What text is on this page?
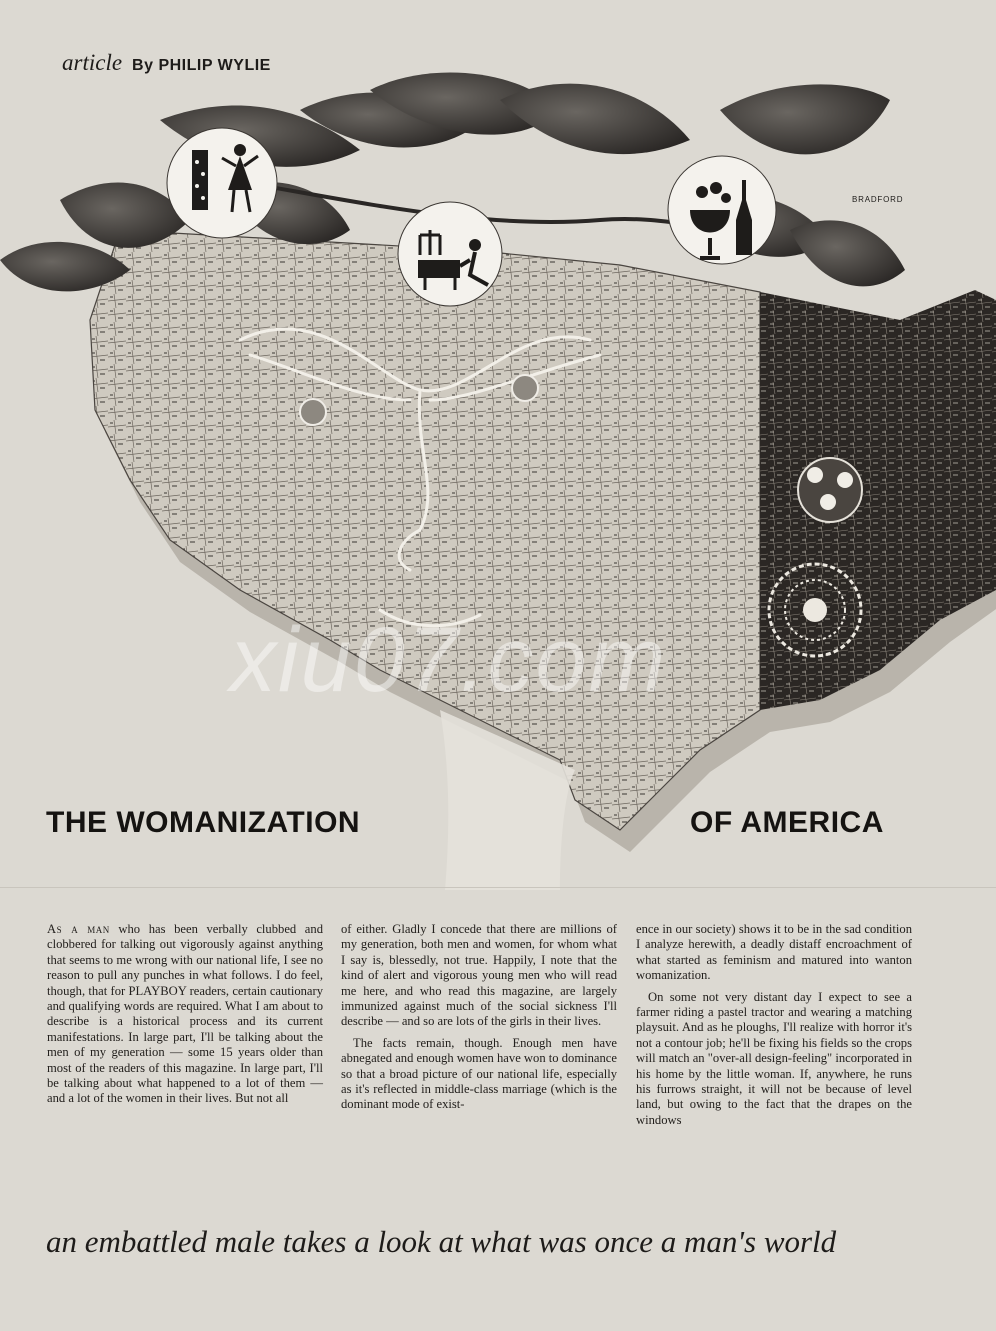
article By PHILIP WYLIE
BRADFORD
xiu07.com
THE WOMANIZATION	OF AMERICA

As a man who has been verbally clubbed and clobbered for talking out vigorously against anything that seems to me wrong with our national life, I see no reason to pull any punches in what follows. I do feel, though, that for PLAYBOY readers, certain cautionary and qualifying words are required. What I am about to describe is a historical process and its current manifestations. In large part, I'll be talking about the men of my generation — some 15 years older than most of the readers of this magazine. In large part, I'll be talking about what happened to a lot of them — and a lot of the women in their lives. But not all

of either. Gladly I concede that there are millions of my generation, both men and women, for whom what I say is, blessedly, not true. Happily, I note that the kind of alert and vigorous young men who will read me here, and who read this magazine, are largely immunized against much of the social sickness I'll describe — and so are lots of the girls in their lives.

The facts remain, though. Enough men have abnegated and enough women have won to dominance so that a broad picture of our national life, especially as it's reflected in middle-class marriage (which is the dominant mode of exist-

ence in our society) shows it to be in the sad condition I analyze herewith, a deadly distaff encroachment of what started as feminism and matured into wanton womanization.

On some not very distant day I expect to see a farmer riding a pastel tractor and wearing a matching playsuit. And as he ploughs, I'll realize with horror it's not a contour job; he'll be fixing his fields so the crops will match an "over-all design-feeling" incorporated in his home by the little woman. If, anywhere, he runs his furrows straight, it will not be because of level land, but owing to the fact that the drapes on the windows

an embattled male takes a look at what was once a man's world
